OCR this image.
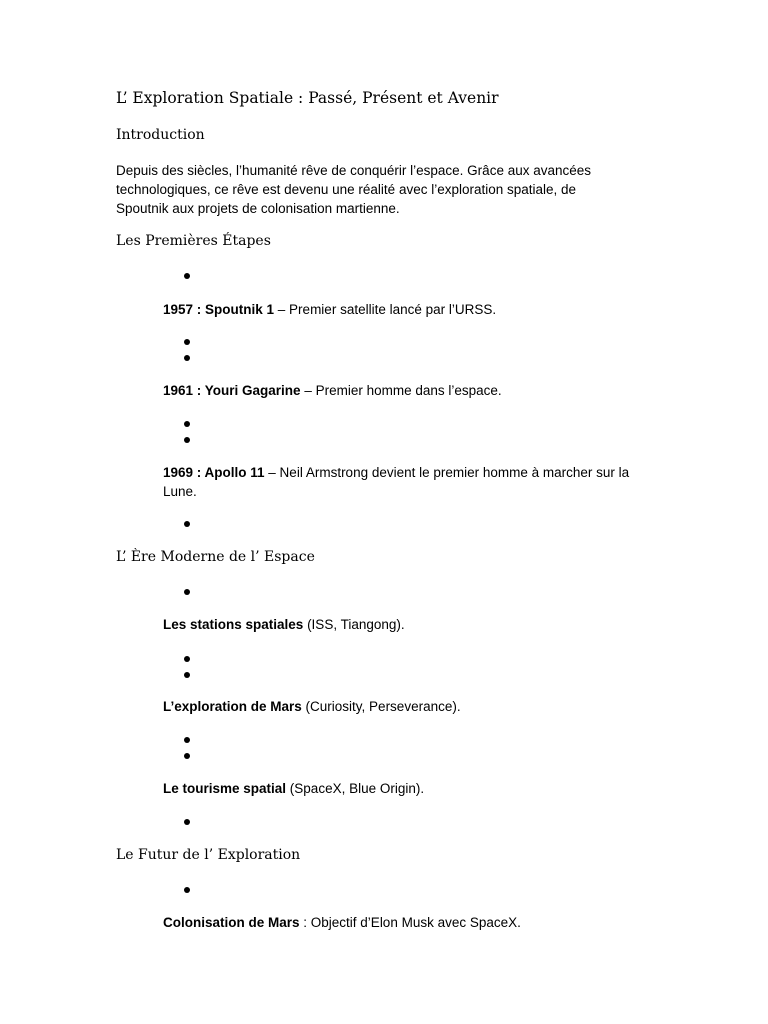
L’ Exploration Spatiale : Passé, Présent et Avenir
Introduction
Depuis des siècles, l’humanité rêve de conquérir l’espace. Grâce aux avancées technologiques, ce rêve est devenu une réalité avec l’exploration spatiale, de Spoutnik aux projets de colonisation martienne.
Les Premières Étapes
1957 : Spoutnik 1 – Premier satellite lancé par l’URSS.
1961 : Youri Gagarine – Premier homme dans l’espace.
1969 : Apollo 11 – Neil Armstrong devient le premier homme à marcher sur la Lune.
L’ Ère Moderne de l’ Espace
Les stations spatiales (ISS, Tiangong).
L’exploration de Mars (Curiosity, Perseverance).
Le tourisme spatial (SpaceX, Blue Origin).
Le Futur de l’ Exploration
Colonisation de Mars : Objectif d’Elon Musk avec SpaceX.
